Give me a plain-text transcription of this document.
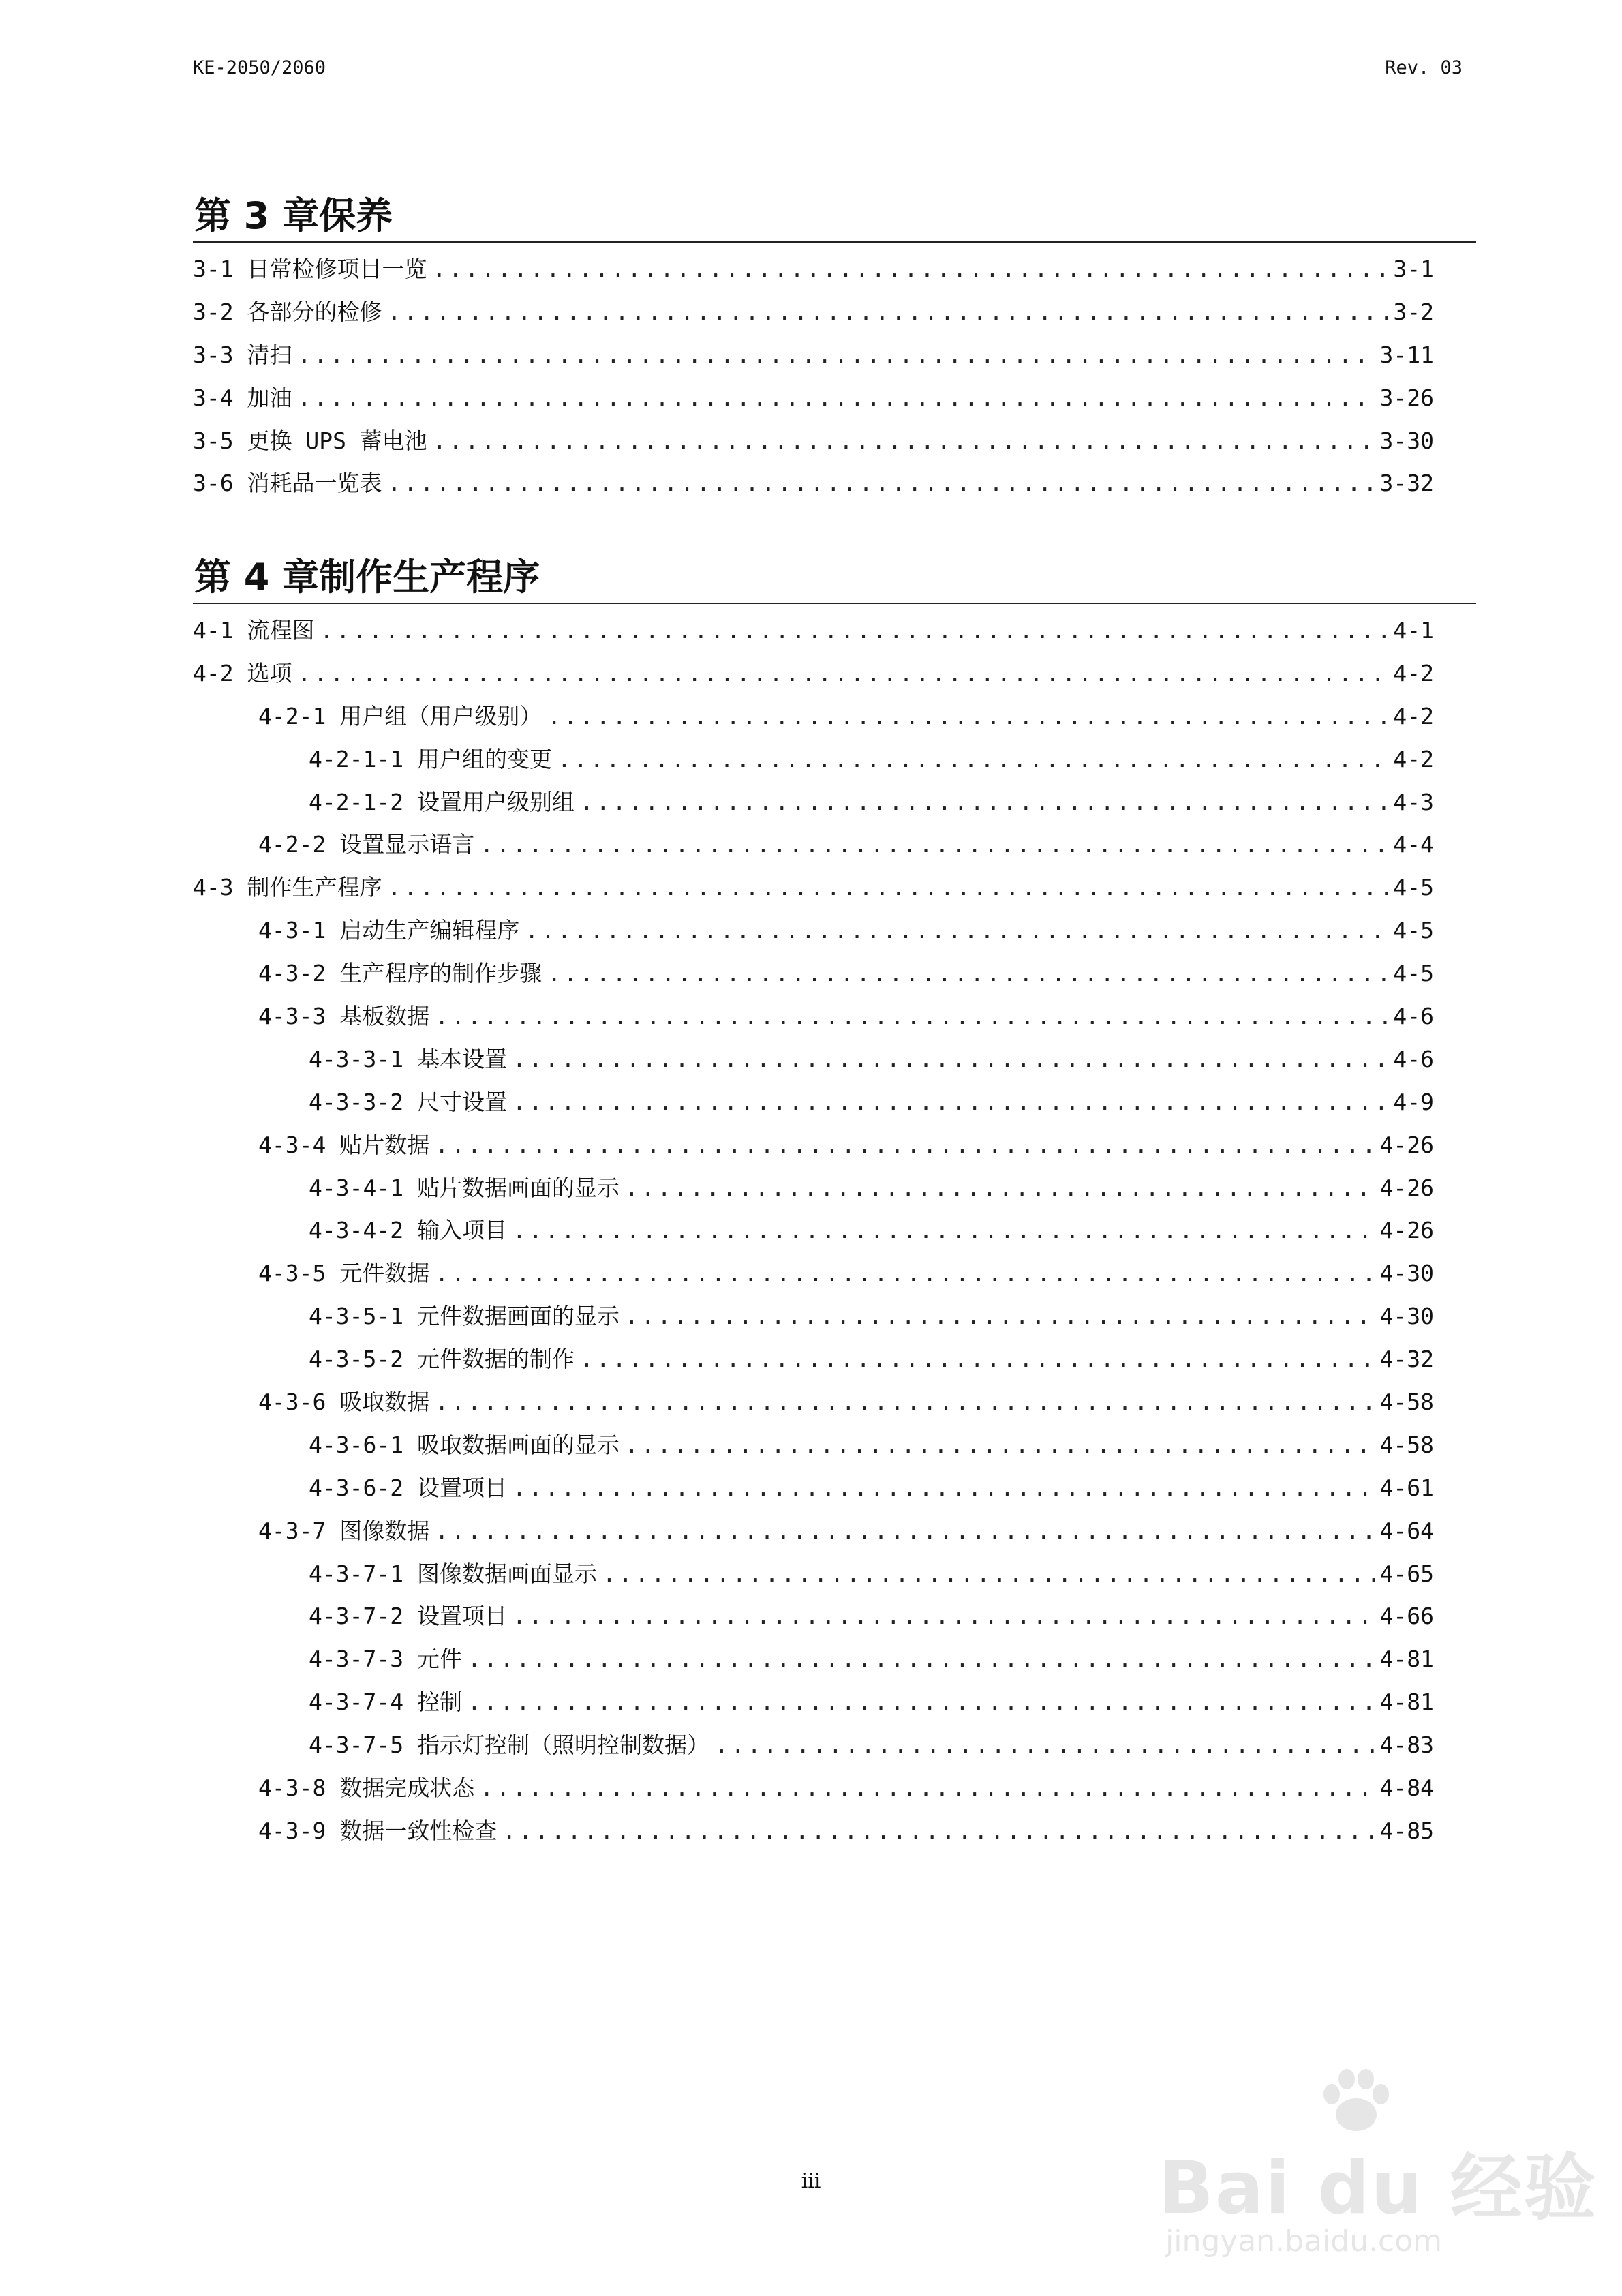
KE-2050/2060	Rev. 03
第 3 章保养
3-1 日常检修项目一览 .....	3-1
3-2 各部分的检修 .....	3-2
3-3 清扫 .....	3-11
3-4 加油 .....	3-26
3-5 更换 UPS 蓄电池 .....	3-30
3-6 消耗品一览表 .....	3-32
第 4 章制作生产程序
4-1 流程图 .....	4-1
4-2 选项 .....	4-2
4-2-1 用户组（用户级别） .....	4-2
4-2-1-1 用户组的变更 .....	4-2
4-2-1-2 设置用户级别组 .....	4-3
4-2-2 设置显示语言 .....	4-4
4-3 制作生产程序 .....	4-5
4-3-1 启动生产编辑程序 .....	4-5
4-3-2 生产程序的制作步骤 .....	4-5
4-3-3 基板数据 .....	4-6
4-3-3-1 基本设置 .....	4-6
4-3-3-2 尺寸设置 .....	4-9
4-3-4 贴片数据 .....	4-26
4-3-4-1 贴片数据画面的显示 .....	4-26
4-3-4-2 输入项目 .....	4-26
4-3-5 元件数据 .....	4-30
4-3-5-1 元件数据画面的显示 .....	4-30
4-3-5-2 元件数据的制作 .....	4-32
4-3-6 吸取数据 .....	4-58
4-3-6-1 吸取数据画面的显示 .....	4-58
4-3-6-2 设置项目 .....	4-61
4-3-7 图像数据 .....	4-64
4-3-7-1 图像数据画面显示 .....	4-65
4-3-7-2 设置项目 .....	4-66
4-3-7-3 元件 .....	4-81
4-3-7-4 控制 .....	4-81
4-3-7-5 指示灯控制（照明控制数据） .....	4-83
4-3-8 数据完成状态 .....	4-84
4-3-9 数据一致性检查 .....	4-85
iii	Bai du 经验
jingyan.baidu.com
